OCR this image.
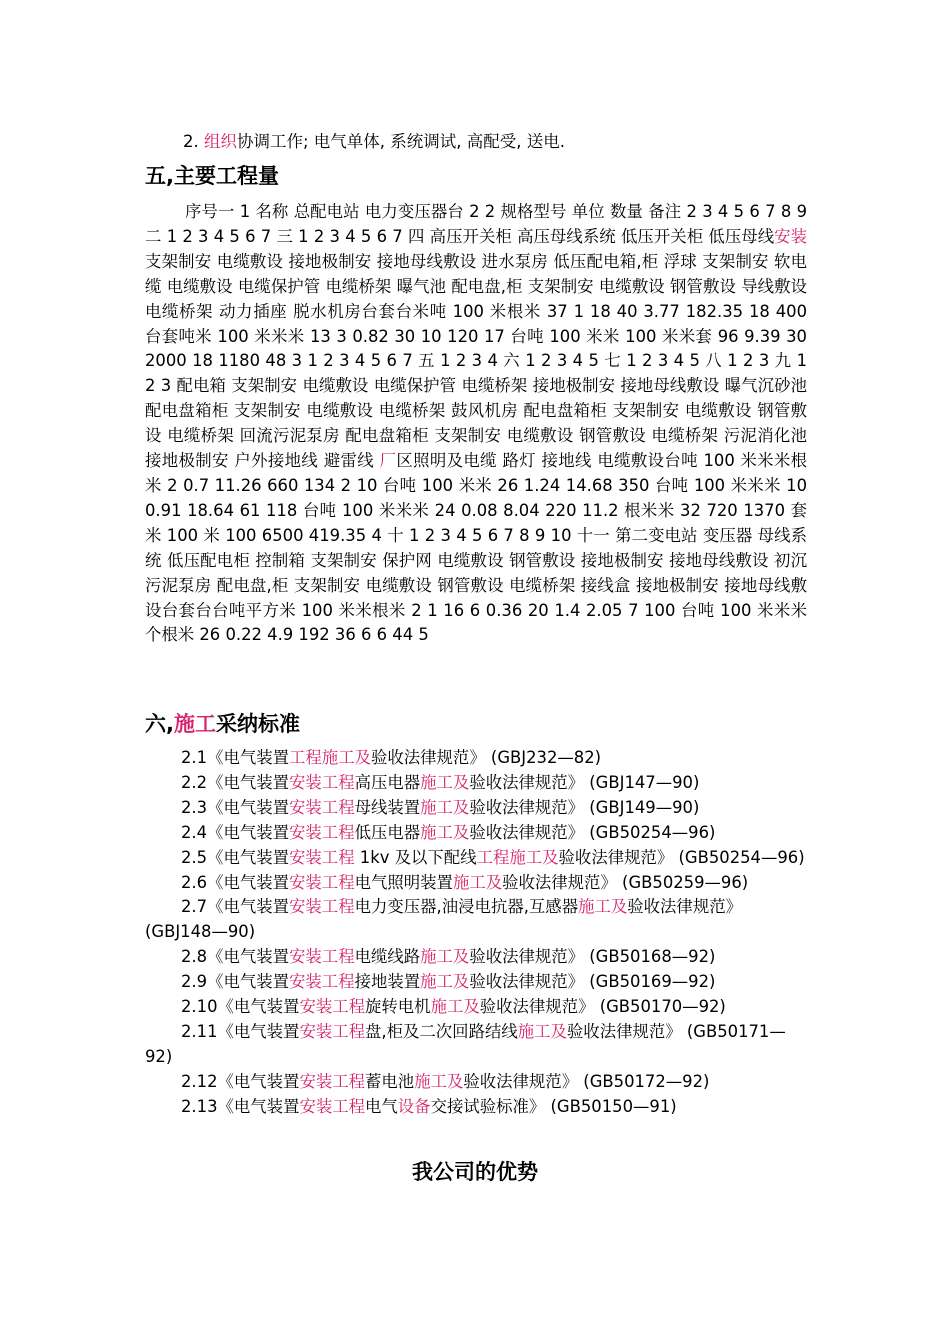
2. 组织协调工作; 电气单体, 系统调试, 高配受, 送电.
五,主要工程量
序号一 1 名称 总配电站 电力变压器台 2 2 规格型号 单位 数量 备注 2 3 4 5 6 7 8 9 二 1 2 3 4 5 6 7 三 1 2 3 4 5 6 7 四 高压开关柜 高压母线系统 低压开关柜 低压母线安装 支架制安 电缆敷设 接地极制安 接地母线敷设 进水泵房 低压配电箱,柜 浮球 支架制安 软电缆 电缆敷设 电缆保护管 电缆桥架 曝气池 配电盘,柜 支架制安 电缆敷设 钢管敷设 导线敷设 电缆桥架 动力插座 脱水机房台套台米吨 100 米根米 37 1 18 40 3.77 182.35 18 400 台套吨米 100 米米米 13 3 0.82 30 10 120 17 台吨 100 米米 100 米米套 96 9.39 30 2000 18 1180 48 3 1 2 3 4 5 6 7 五 1 2 3 4 六 1 2 3 4 5 七 1 2 3 4 5 八 1 2 3 九 1 2 3 配电箱 支架制安 电缆敷设 电缆保护管 电缆桥架 接地极制安 接地母线敷设 曝气沉砂池 配电盘箱柜 支架制安 电缆敷设 电缆桥架 鼓风机房 配电盘箱柜 支架制安 电缆敷设 钢管敷设 电缆桥架 回流污泥泵房 配电盘箱柜 支架制安 电缆敷设 钢管敷设 电缆桥架 污泥消化池 接地极制安 户外接地线 避雷线 厂区照明及电缆 路灯 接地线 电缆敷设台吨 100 米米米根米 2 0.7 11.26 660 134 2 10 台吨 100 米米 26 1.24 14.68 350 台吨 100 米米米 10 0.91 18.64 61 118 台吨 100 米米米 24 0.08 8.04 220 11.2 根米米 32 720 1370 套米 100 米 100 6500 419.35 4 十 1 2 3 4 5 6 7 8 9 10 十一 第二变电站 变压器 母线系统 低压配电柜 控制箱 支架制安 保护网 电缆敷设 钢管敷设 接地极制安 接地母线敷设 初沉污泥泵房 配电盘,柜 支架制安 电缆敷设 钢管敷设 电缆桥架 接线盒 接地极制安 接地母线敷设台套台台吨平方米 100 米米根米 2 1 16 6 0.36 20 1.4 2.05 7 100 台吨 100 米米米个根米 26 0.22 4.9 192 36 6 6 44 5
六,施工采纳标准
2.1《电气装置工程施工及验收法律规范》 (GBJ232—82)
2.2《电气装置安装工程高压电器施工及验收法律规范》 (GBJ147—90)
2.3《电气装置安装工程母线装置施工及验收法律规范》 (GBJ149—90)
2.4《电气装置安装工程低压电器施工及验收法律规范》 (GB50254—96)
2.5《电气装置安装工程 1kv 及以下配线工程施工及验收法律规范》 (GB50254—96)
2.6《电气装置安装工程电气照明装置施工及验收法律规范》 (GB50259—96)
2.7《电气装置安装工程电力变压器,油浸电抗器,互感器施工及验收法律规范》 (GBJ148—90)
2.8《电气装置安装工程电缆线路施工及验收法律规范》 (GB50168—92)
2.9《电气装置安装工程接地装置施工及验收法律规范》 (GB50169—92)
2.10《电气装置安装工程旋转电机施工及验收法律规范》 (GB50170—92)
2.11《电气装置安装工程盘,柜及二次回路结线施工及验收法律规范》 (GB50171—92)
2.12《电气装置安装工程蓄电池施工及验收法律规范》 (GB50172—92)
2.13《电气装置安装工程电气设备交接试验标准》 (GB50150—91)
我公司的优势
